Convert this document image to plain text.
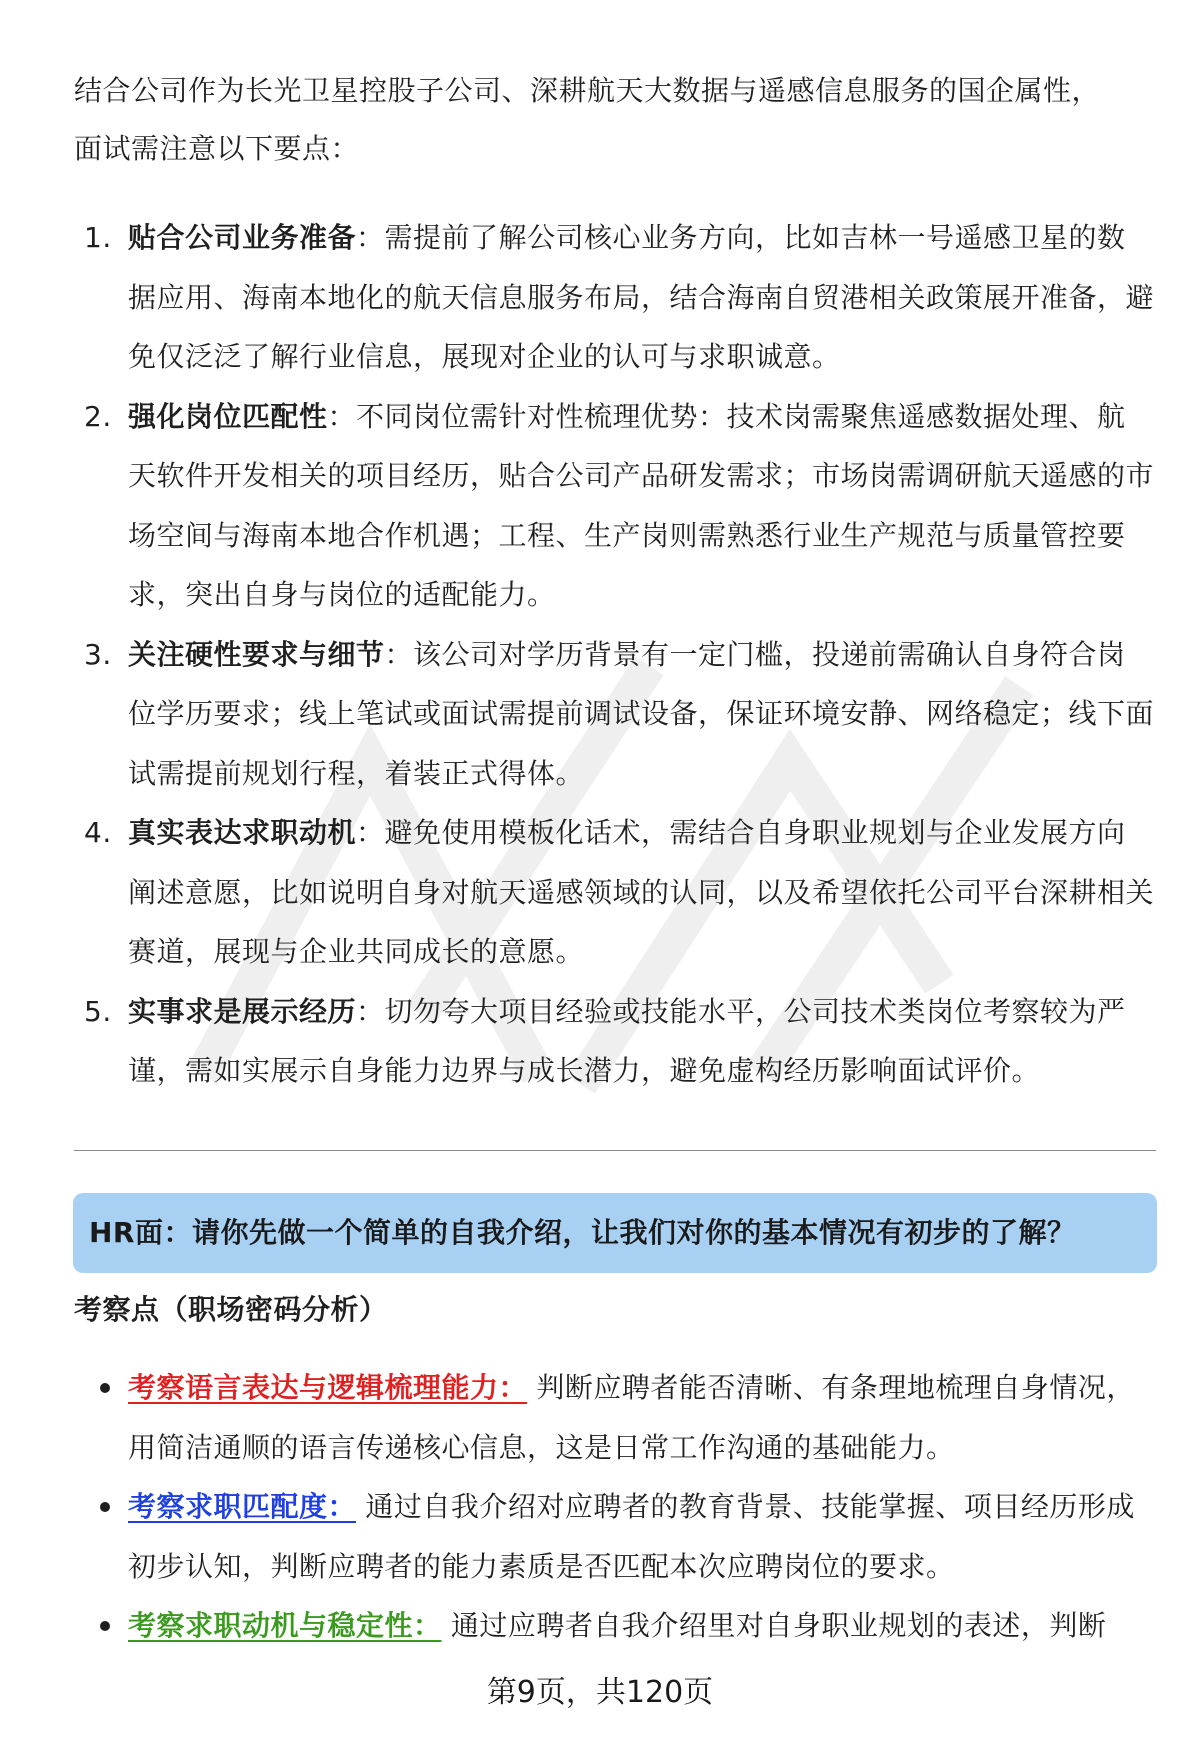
结合公司作为长光卫星控股子公司、深耕航天大数据与遥感信息服务的国企属性，
面试需注意以下要点：
1. 贴合公司业务准备：需提前了解公司核心业务方向，比如吉林一号遥感卫星的数据应用、海南本地化的航天信息服务布局，结合海南自贸港相关政策展开准备，避免仅泛泛了解行业信息，展现对企业的认可与求职诚意。
2. 强化岗位匹配性：不同岗位需针对性梳理优势：技术岗需聚焦遥感数据处理、航天软件开发相关的项目经历，贴合公司产品研发需求；市场岗需调研航天遥感的市场空间与海南本地合作机遇；工程、生产岗则需熟悉行业生产规范与质量管控要求，突出自身与岗位的适配能力。
3. 关注硬性要求与细节：该公司对学历背景有一定门槛，投递前需确认自身符合岗位学历要求；线上笔试或面试需提前调试设备，保证环境安静、网络稳定；线下面试需提前规划行程，着装正式得体。
4. 真实表达求职动机：避免使用模板化话术，需结合自身职业规划与企业发展方向阐述意愿，比如说明自身对航天遥感领域的认同，以及希望依托公司平台深耕相关赛道，展现与企业共同成长的意愿。
5. 实事求是展示经历：切勿夸大项目经验或技能水平，公司技术类岗位考察较为严谨，需如实展示自身能力边界与成长潜力，避免虚构经历影响面试评价。
HR面：请你先做一个简单的自我介绍，让我们对你的基本情况有初步的了解？
考察点（职场密码分析）
考察语言表达与逻辑梳理能力： 判断应聘者能否清晰、有条理地梳理自身情况，用简洁通顺的语言传递核心信息，这是日常工作沟通的基础能力。
考察求职匹配度： 通过自我介绍对应聘者的教育背景、技能掌握、项目经历形成初步认知，判断应聘者的能力素质是否匹配本次应聘岗位的要求。
考察求职动机与稳定性： 通过应聘者自我介绍里对自身职业规划的表述，判断
第9页，共120页
